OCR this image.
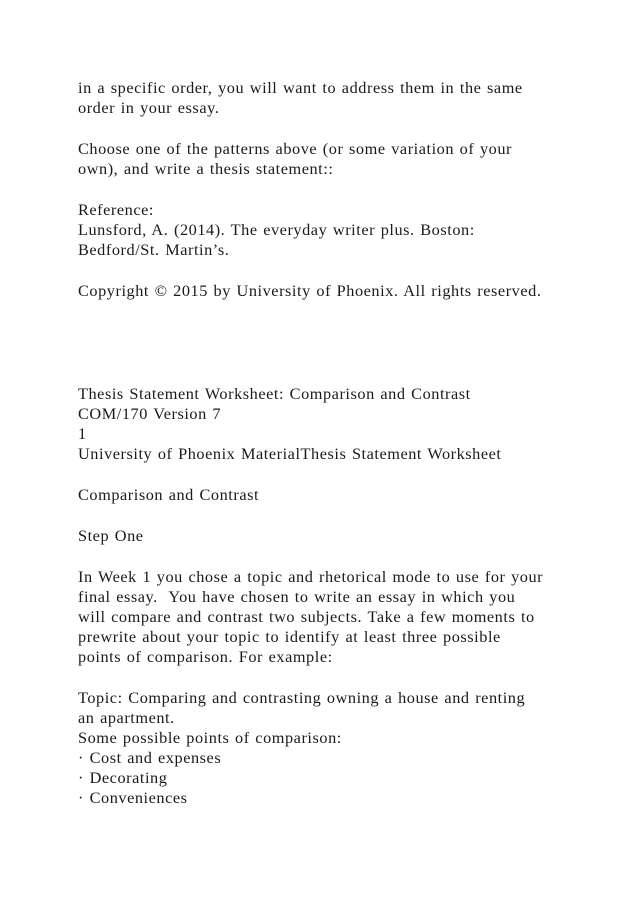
in a specific order, you will want to address them in the same

order in your essay.

Choose one of the patterns above (or some variation of your

own), and write a thesis statement::

Reference:

Lunsford, A. (2014). The everyday writer plus. Boston:

Bedford/St. Martin’s.

Copyright © 2015 by University of Phoenix. All rights reserved.

Thesis Statement Worksheet: Comparison and Contrast

COM/170 Version 7

1

University of Phoenix MaterialThesis Statement Worksheet

Comparison and Contrast

Step One

In Week 1 you chose a topic and rhetorical mode to use for your

final essay.  You have chosen to write an essay in which you

will compare and contrast two subjects. Take a few moments to

prewrite about your topic to identify at least three possible

points of comparison. For example:

Topic: Comparing and contrasting owning a house and renting

an apartment.

Some possible points of comparison:

· Cost and expenses

· Decorating

· Conveniences
